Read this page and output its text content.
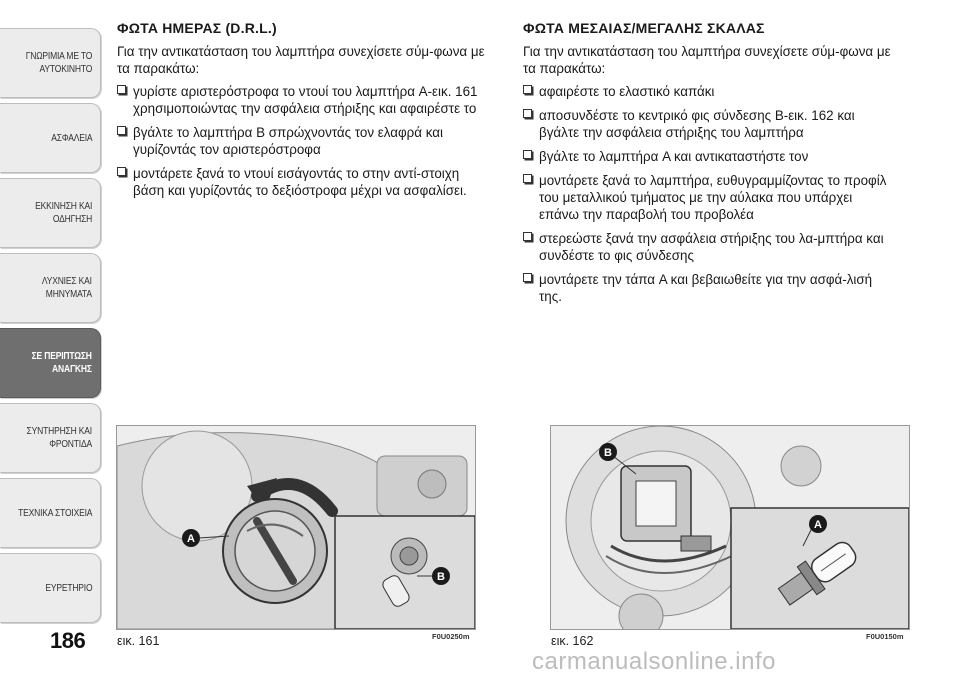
ΓΝΩΡΙΜΙΑ ΜΕ ΤΟ
ΑΥΤΟΚΙΝΗΤΟ
ΑΣΦΑΛΕΙΑ
ΕΚΚΙΝΗΣΗ ΚΑΙ
ΟΔΗΓΗΣΗ
ΛΥΧΝΙΕΣ ΚΑΙ
ΜΗΝΥΜΑΤΑ
ΣΕ ΠΕΡΙΠΤΩΣΗ
ΑΝΑΓΚΗΣ
ΣΥΝΤΗΡΗΣΗ ΚΑΙ
ΦΡΟΝΤΙΔΑ
ΤΕΧΝΙΚΑ ΣΤΟΙΧΕΙΑ
ΕΥΡΕΤΗΡΙΟ
186
ΦΩΤΑ ΗΜΕΡΑΣ (D.R.L.)

Για την αντικατάσταση του λαμπτήρα συνεχίσετε σύμ-φωνα με τα παρακάτω:

γυρίστε αριστερόστροφα το ντουί του λαμπτήρα A-εικ. 161 χρησιμοποιώντας την ασφάλεια στήριξης και αφαιρέστε το
βγάλτε το λαμπτήρα B σπρώχνοντάς τον ελαφρά και γυρίζοντάς τον αριστερόστροφα
μοντάρετε ξανά το ντουί εισάγοντάς το στην αντί-στοιχη βάση και γυρίζοντάς το δεξιόστροφα μέχρι να ασφαλίσει.
ΦΩΤΑ ΜΕΣΑΙΑΣ/ΜΕΓΑΛΗΣ ΣΚΑΛΑΣ

Για την αντικατάσταση του λαμπτήρα συνεχίσετε σύμ-φωνα με τα παρακάτω:

αφαιρέστε το ελαστικό καπάκι
αποσυνδέστε το κεντρικό φις σύνδεσης B-εικ. 162 και βγάλτε την ασφάλεια στήριξης του λαμπτήρα
βγάλτε το λαμπτήρα A και αντικαταστήστε τον
μοντάρετε ξανά το λαμπτήρα, ευθυγραμμίζοντας το προφίλ του μεταλλικού τμήματος με την αύλακα που υπάρχει επάνω την παραβολή του προβολέα
στερεώστε ξανά την ασφάλεια στήριξης του λα-μπτήρα και συνδέστε το φις σύνδεσης
μοντάρετε την τάπα A και βεβαιωθείτε για την ασφά-λισή της.
A
B
εικ. 161	F0U0250m
B
A
εικ. 162	F0U0150m
carmanualsonline.info
